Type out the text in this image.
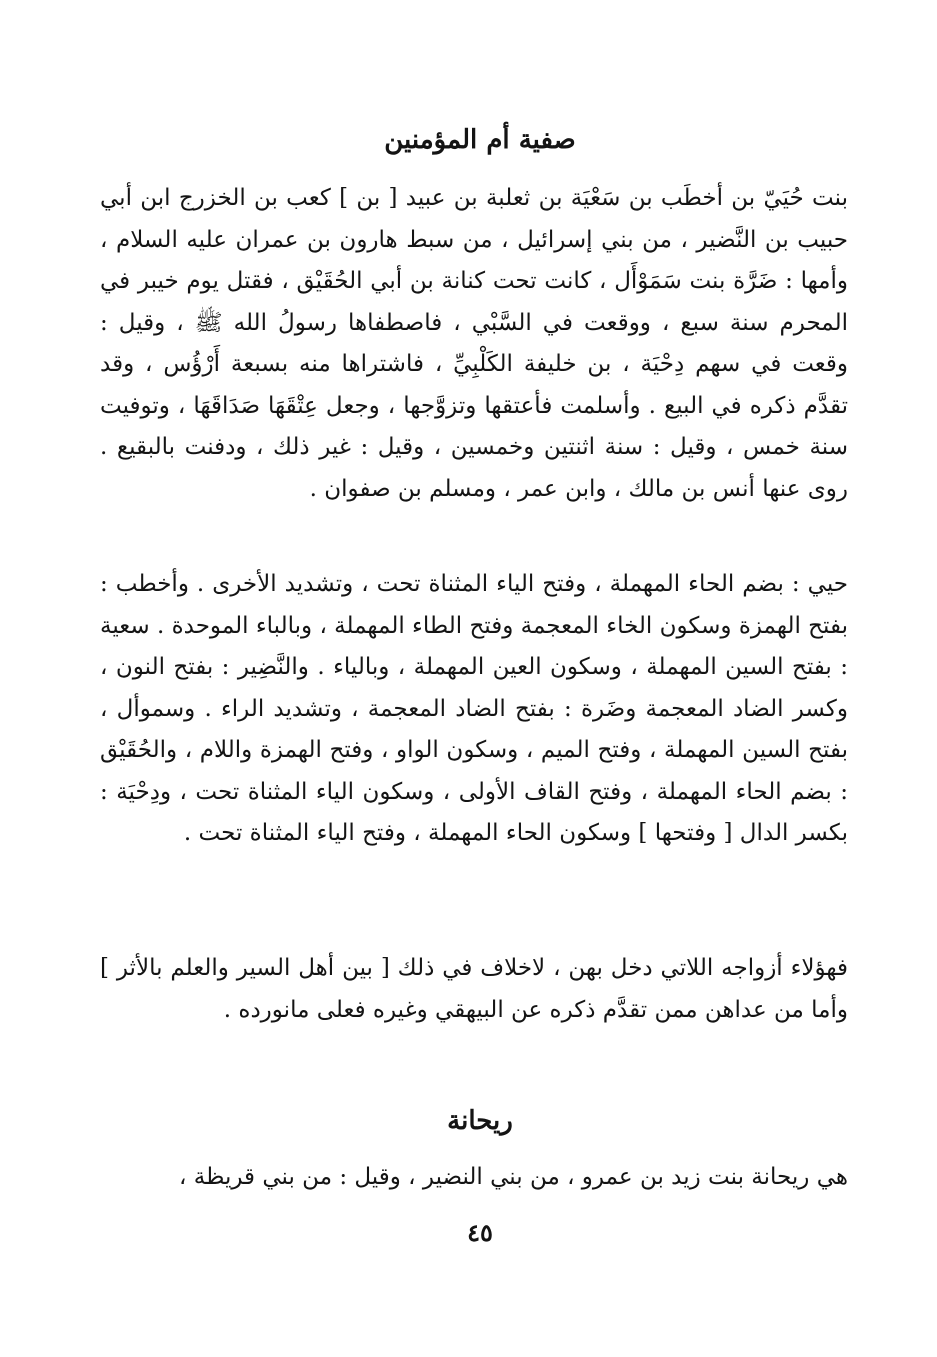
صفية أم المؤمنين

بنت حُيَيّ بن أخطَب بن سَعْيَة بن ثعلبة بن عبيد [ بن ] كعب بن الخزرج ابن أبي حبيب بن النَّضير ، من بني إسرائيل ، من سبط هارون بن عمران عليه السلام ، وأمها : ضَرَّة بنت سَمَوْأَل ، كانت تحت كنانة بن أبي الحُقَيْق ، فقتل يوم خيبر في المحرم سنة سبع ، ووقعت في السَّبْي ، فاصطفاها رسولُ الله ﷺ ، وقيل : وقعت في سهم دِحْيَة ، بن خليفة الكَلْبِيِّ ، فاشتراها منه بسبعة أَرْؤُس ، وقد تقدَّم ذكره في البيع . وأسلمت فأعتقها وتزوَّجها ، وجعل عِتْقَهَا صَدَاقَهَا ، وتوفيت سنة خمس ، وقيل : سنة اثنتين وخمسين ، وقيل : غير ذلك ، ودفنت بالبقيع . روى عنها أنس بن مالك ، وابن عمر ، ومسلم بن صفوان .

حيي : بضم الحاء المهملة ، وفتح الياء المثناة تحت ، وتشديد الأخرى . وأخطب : بفتح الهمزة وسكون الخاء المعجمة وفتح الطاء المهملة ، وبالباء الموحدة . سعية : بفتح السين المهملة ، وسكون العين المهملة ، وبالياء . والنَّضِير : بفتح النون ، وكسر الضاد المعجمة وضَرة : بفتح الضاد المعجمة ، وتشديد الراء . وسموأل ، بفتح السين المهملة ، وفتح الميم ، وسكون الواو ، وفتح الهمزة واللام ، والحُقَيْق : بضم الحاء المهملة ، وفتح القاف الأولى ، وسكون الياء المثناة تحت ، ودِحْيَة : بكسر الدال [ وفتحها ] وسكون الحاء المهملة ، وفتح الياء المثناة تحت .

فهؤلاء أزواجه اللاتي دخل بهن ، لاخلاف في ذلك [ بين أهل السير والعلم بالأثر ] وأما من عداهن ممن تقدَّم ذكره عن البيهقي وغيره فعلى مانورده .

ريحانة

هي ريحانة بنت زيد بن عمرو ، من بني النضير ، وقيل : من بني قريظة ،

٤٥
